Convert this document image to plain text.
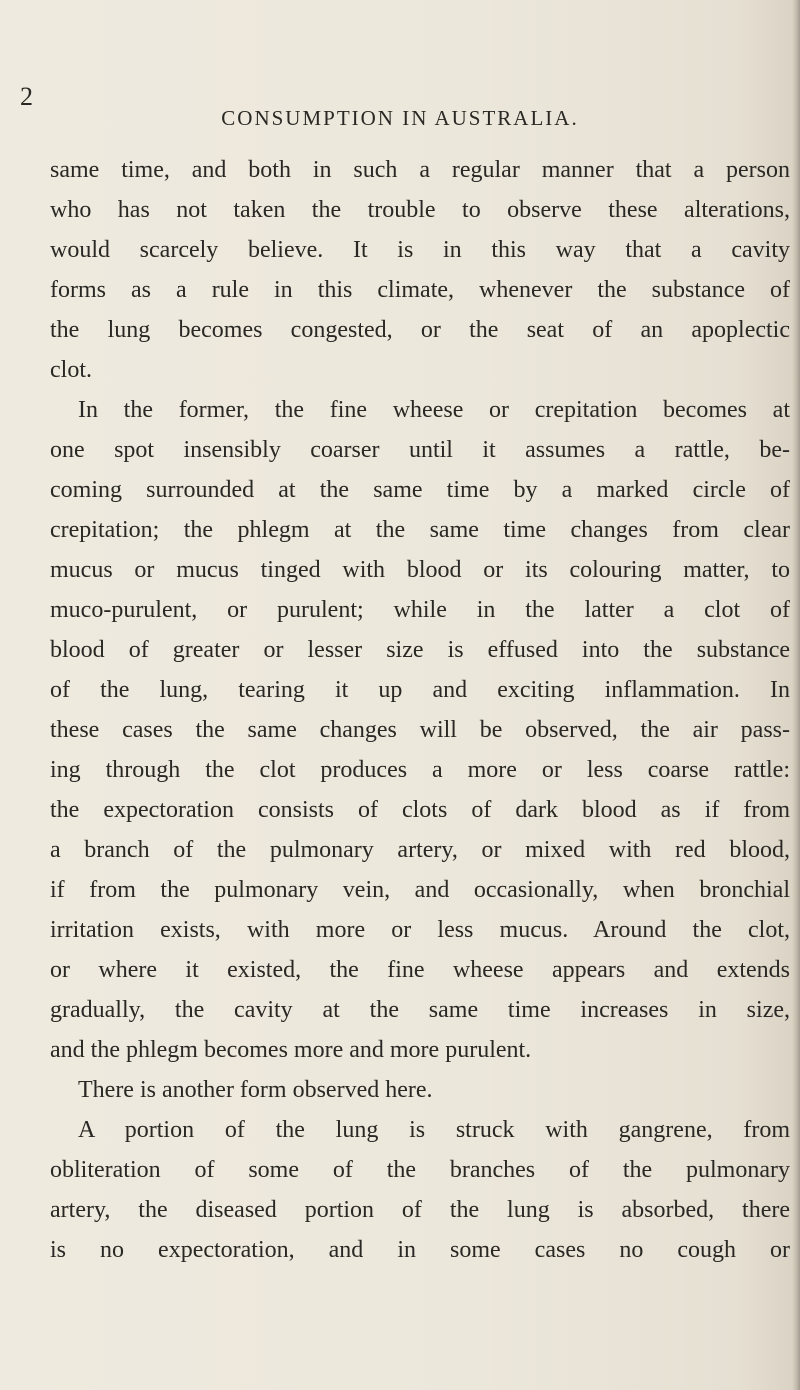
2
CONSUMPTION IN AUSTRALIA.
same time, and both in such a regular manner that a person
who has not taken the trouble to observe these alterations,
would scarcely believe. It is in this way that a cavity
forms as a rule in this climate, whenever the substance of
the lung becomes congested, or the seat of an apoplectic
clot.
In the former, the fine wheese or crepitation becomes at
one spot insensibly coarser until it assumes a rattle, be-
coming surrounded at the same time by a marked circle of
crepitation; the phlegm at the same time changes from clear
mucus or mucus tinged with blood or its colouring matter, to
muco-purulent, or purulent; while in the latter a clot of
blood of greater or lesser size is effused into the substance
of the lung, tearing it up and exciting inflammation. In
these cases the same changes will be observed, the air pass-
ing through the clot produces a more or less coarse rattle:
the expectoration consists of clots of dark blood as if from
a branch of the pulmonary artery, or mixed with red blood,
if from the pulmonary vein, and occasionally, when bronchial
irritation exists, with more or less mucus. Around the clot,
or where it existed, the fine wheese appears and extends
gradually, the cavity at the same time increases in size,
and the phlegm becomes more and more purulent.
There is another form observed here.
A portion of the lung is struck with gangrene, from
obliteration of some of the branches of the pulmonary
artery, the diseased portion of the lung is absorbed, there
is no expectoration, and in some cases no cough or
